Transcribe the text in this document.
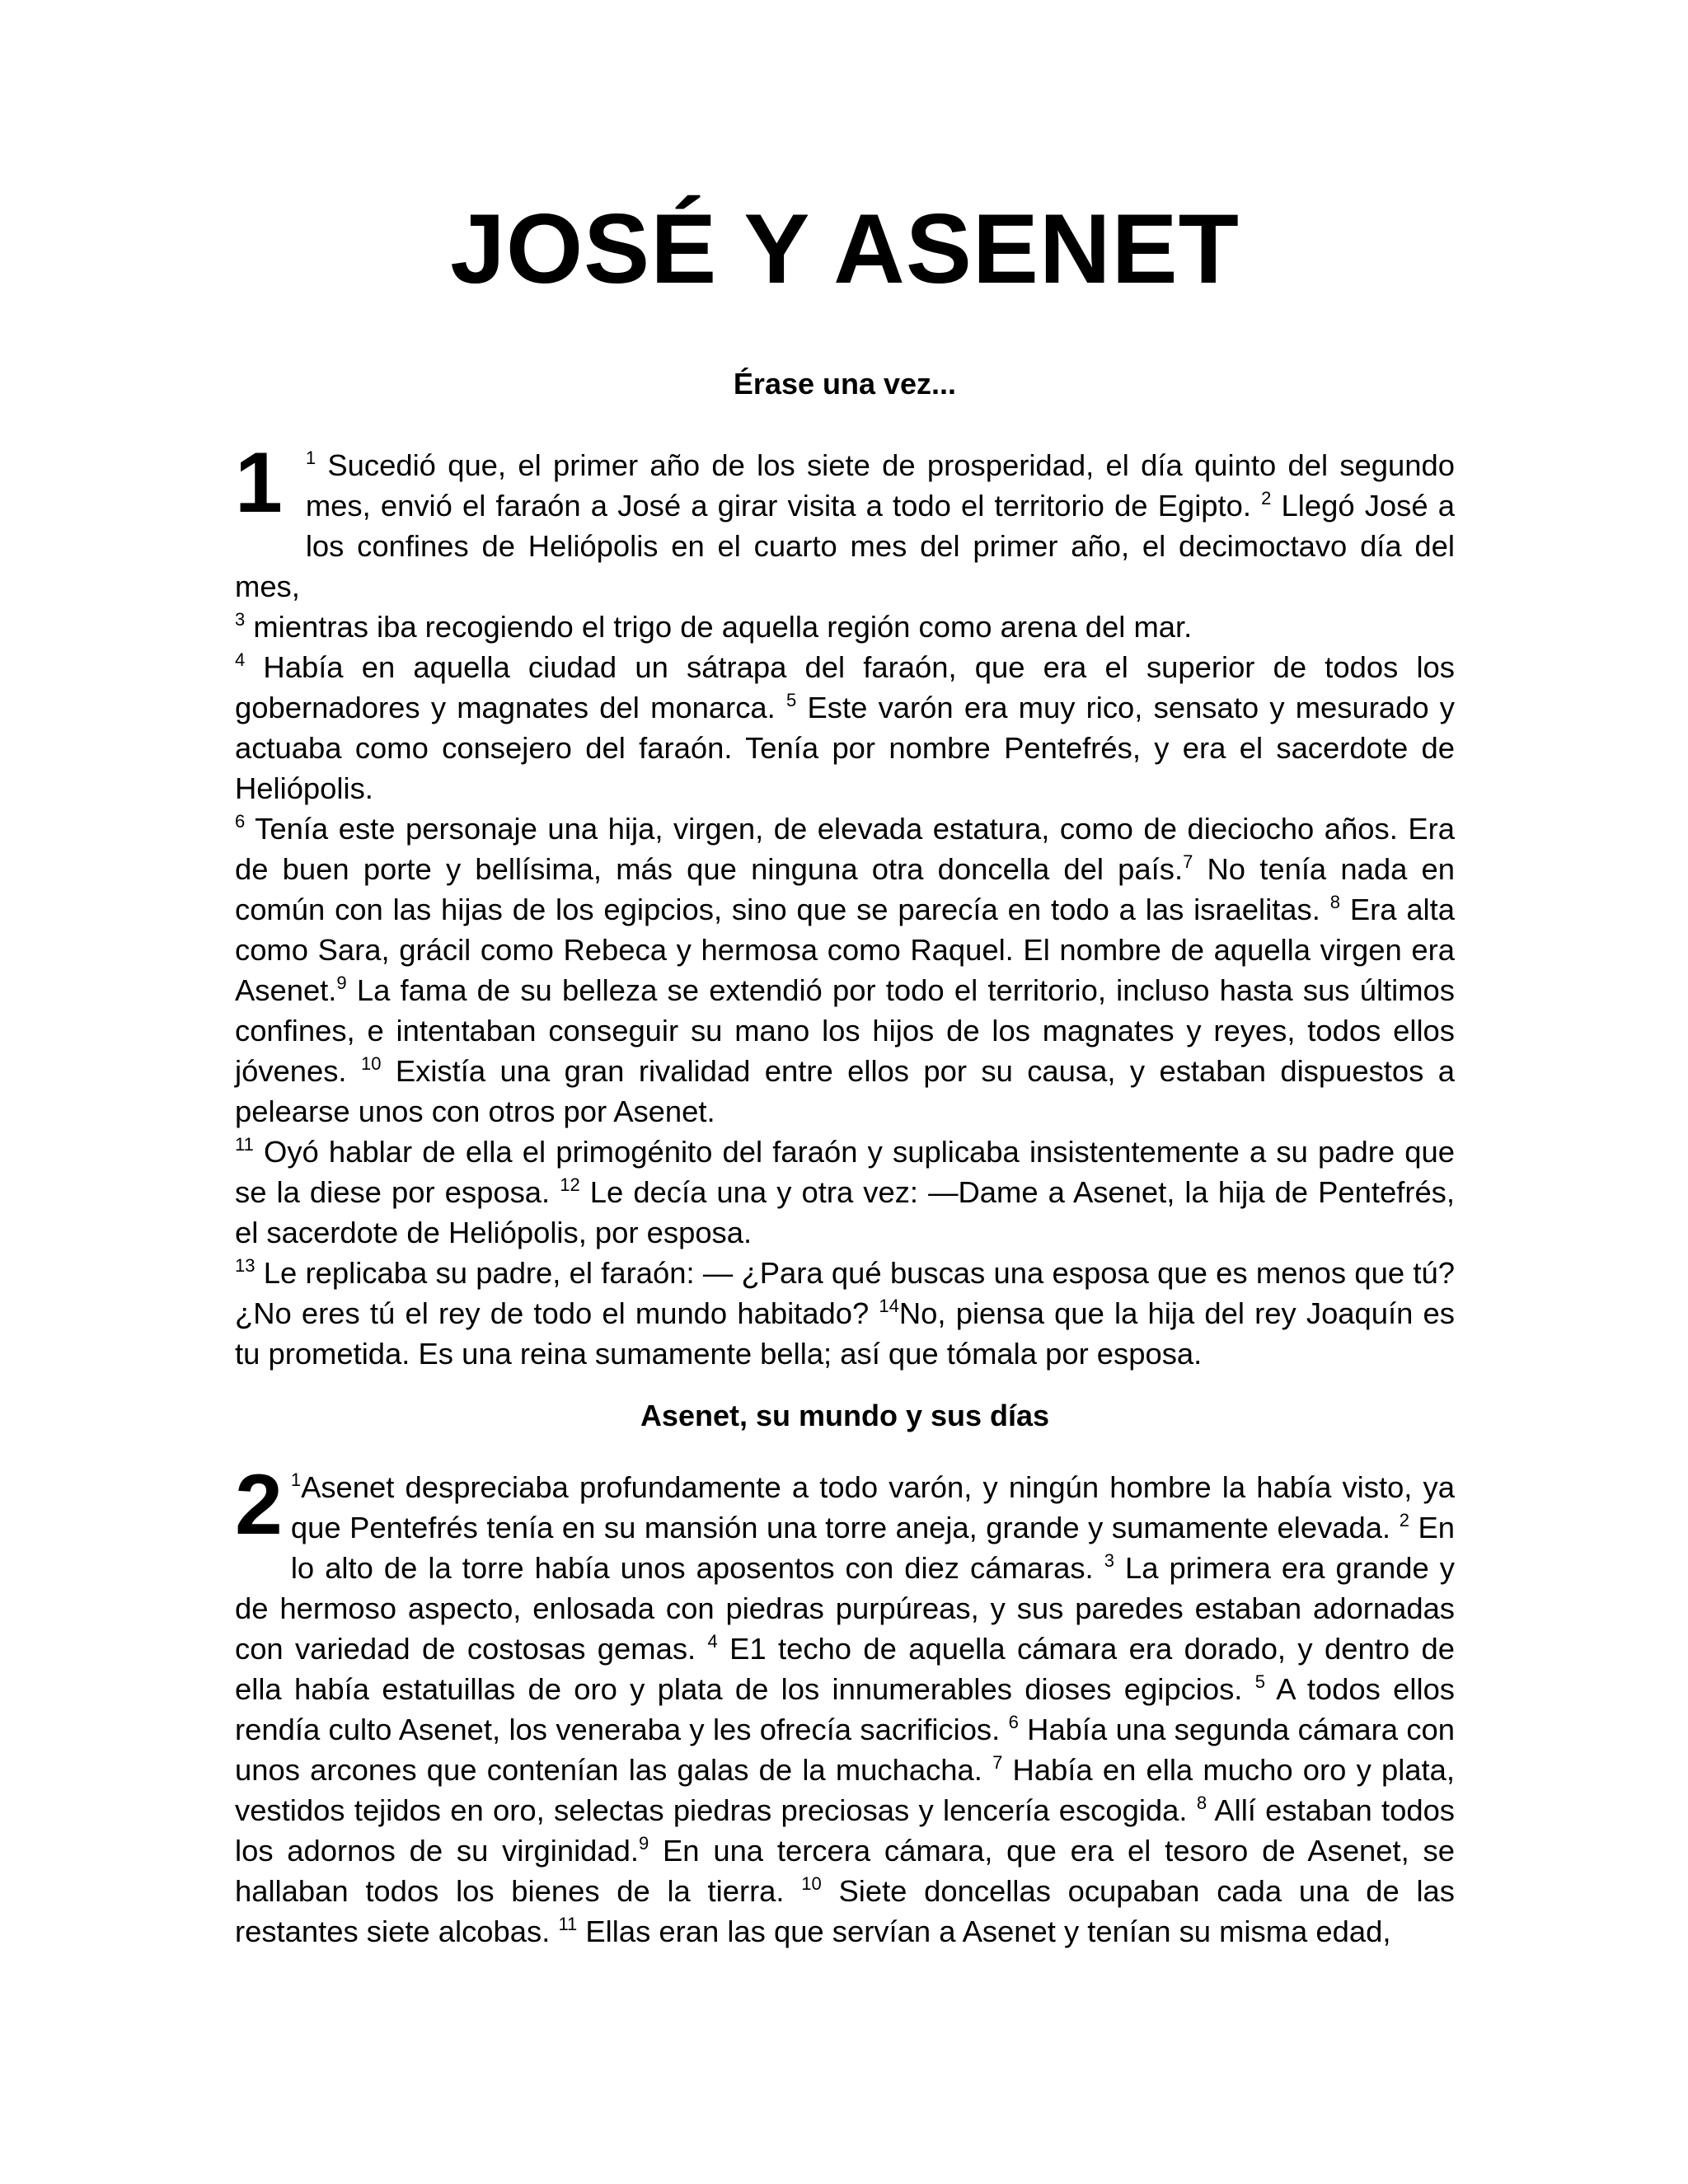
JOSÉ Y ASENET
Érase una vez...
1	$^1$ Sucedió que, el primer año de los siete de prosperidad, el día quinto del segundo mes, envió el faraón a José a girar visita a todo el territorio de Egipto. $^2$ Llegó José a los confines de Heliópolis en el cuarto mes del primer año, el decimoctavo día del mes,

$^3$ mientras iba recogiendo el trigo de aquella región como arena del mar.

$^4$ Había en aquella ciudad un sátrapa del faraón, que era el superior de todos los gobernadores y magnates del monarca. $^5$ Este varón era muy rico, sensato y mesurado y actuaba como consejero del faraón. Tenía por nombre Pentefrés, y era el sacerdote de Heliópolis.

$^6$ Tenía este personaje una hija, virgen, de elevada estatura, como de dieciocho años. Era de buen porte y bellísima, más que ninguna otra doncella del país.$^7$ No tenía nada en común con las hijas de los egipcios, sino que se parecía en todo a las israelitas. $^8$ Era alta como Sara, grácil como Rebeca y hermosa como Raquel. El nombre de aquella virgen era Asenet.$^9$ La fama de su belleza se extendió por todo el territorio, incluso hasta sus últimos confines, e intentaban conseguir su mano los hijos de los magnates y reyes, todos ellos jóvenes. $^{10}$ Existía una gran rivalidad entre ellos por su causa, y estaban dispuestos a pelearse unos con otros por Asenet.

$^{11}$ Oyó hablar de ella el primogénito del faraón y suplicaba insistentemente a su padre que se la diese por esposa. $^{12}$ Le decía una y otra vez: —Dame a Asenet, la hija de Pentefrés, el sacerdote de Heliópolis, por esposa.

$^{13}$ Le replicaba su padre, el faraón: — ¿Para qué buscas una esposa que es menos que tú? ¿No eres tú el rey de todo el mundo habitado? $^{14}$No, piensa que la hija del rey Joaquín es tu prometida. Es una reina sumamente bella; así que tómala por esposa.

Asenet, su mundo y sus días
2 $^1$Asenet despreciaba profundamente a todo varón, y ningún hombre la había visto, ya que Pentefrés tenía en su mansión una torre aneja, grande y sumamente elevada. $^2$ En lo alto de la torre había unos aposentos con diez cámaras. $^3$ La primera era grande y de hermoso aspecto, enlosada con piedras purpúreas, y sus paredes estaban adornadas con variedad de costosas gemas. $^4$ E1 techo de aquella cámara era dorado, y dentro de ella había estatuillas de oro y plata de los innumerables dioses egipcios. $^5$ A todos ellos rendía culto Asenet, los veneraba y les ofrecía sacrificios. $^6$ Había una segunda cámara con unos arcones que contenían las galas de la muchacha. $^7$ Había en ella mucho oro y plata, vestidos tejidos en oro, selectas piedras preciosas y lencería escogida. $^8$ Allí estaban todos los adornos de su virginidad.$^9$ En una tercera cámara, que era el tesoro de Asenet, se hallaban todos los bienes de la tierra. $^{10}$ Siete doncellas ocupaban cada una de las restantes siete alcobas. $^{11}$ Ellas eran las que servían a Asenet y tenían su misma edad,
